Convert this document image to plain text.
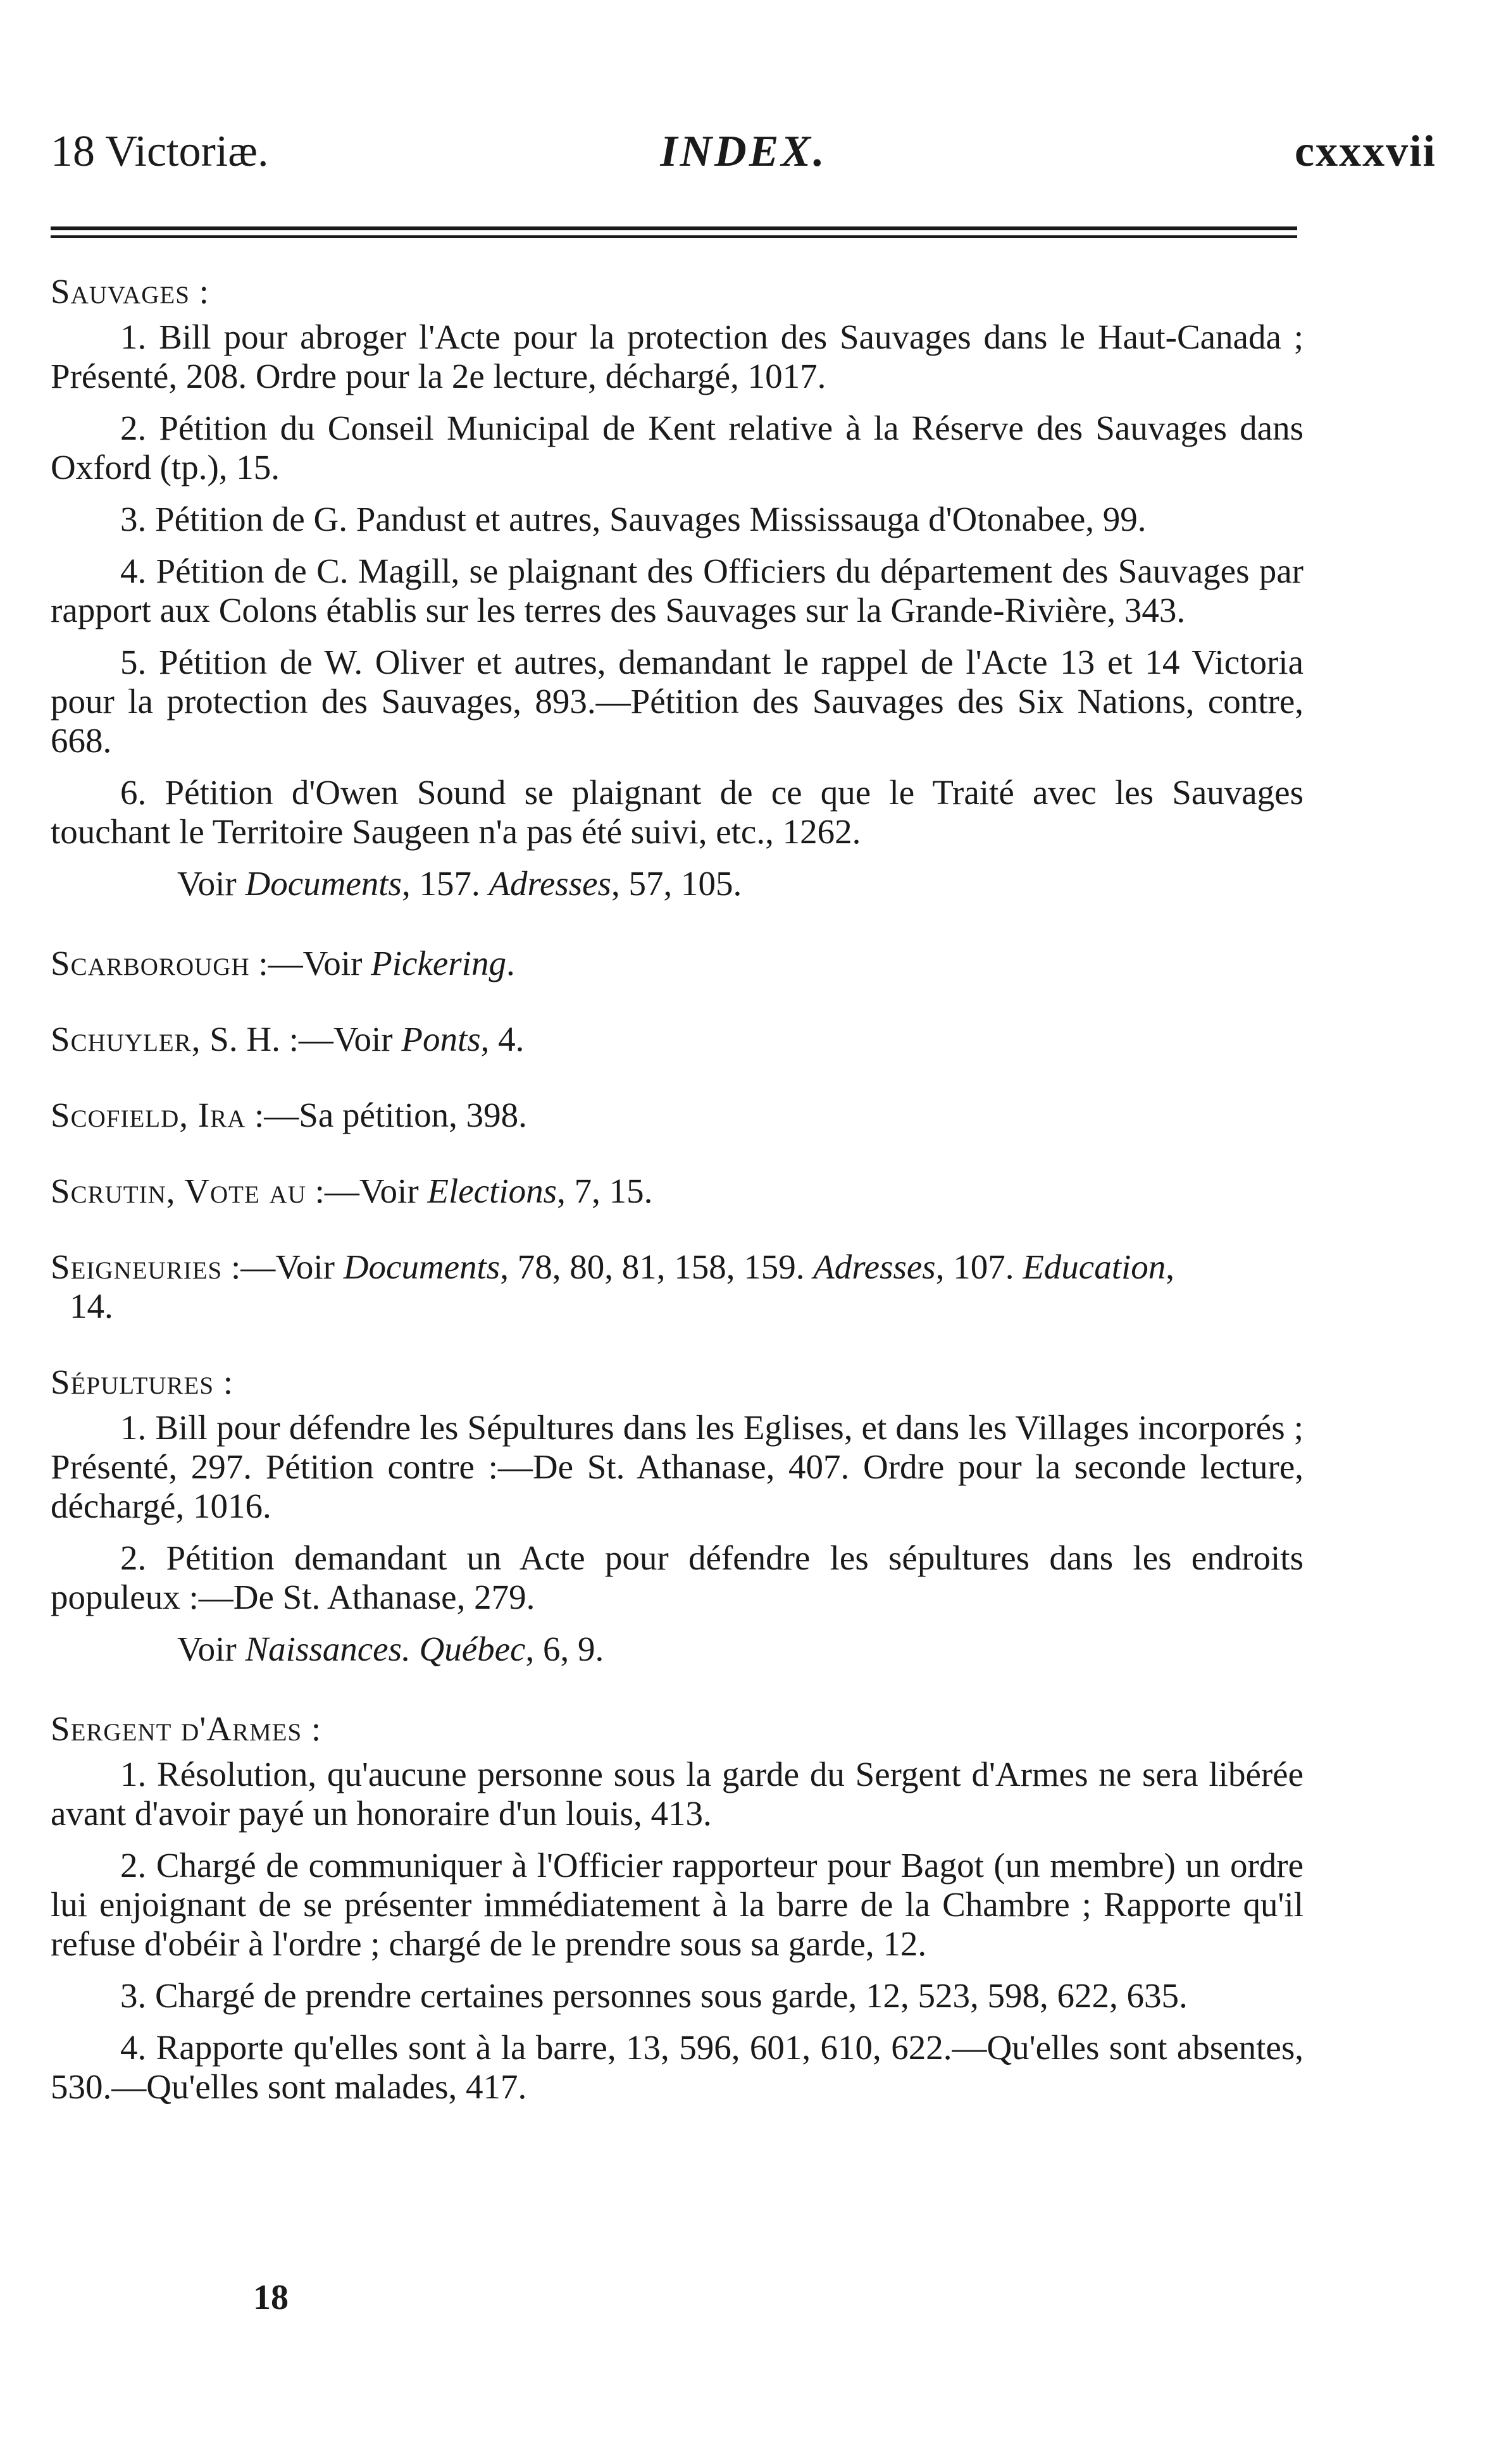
18 Victoriæ.	INDEX.	cxxxvii
Sauvages :

1. Bill pour abroger l'Acte pour la protection des Sauvages dans le Haut-Canada ; Présenté, 208. Ordre pour la 2e lecture, déchargé, 1017.

2. Pétition du Conseil Municipal de Kent relative à la Réserve des Sauvages dans Oxford (tp.), 15.

3. Pétition de G. Pandust et autres, Sauvages Mississauga d'Otonabee, 99.

4. Pétition de C. Magill, se plaignant des Officiers du département des Sauvages par rapport aux Colons établis sur les terres des Sauvages sur la Grande-Rivière, 343.

5. Pétition de W. Oliver et autres, demandant le rappel de l'Acte 13 et 14 Victoria pour la protection des Sauvages, 893.—Pétition des Sauvages des Six Nations, contre, 668.

6. Pétition d'Owen Sound se plaignant de ce que le Traité avec les Sauvages touchant le Territoire Saugeen n'a pas été suivi, etc., 1262.

Voir Documents, 157. Adresses, 57, 105.
Scarborough :—Voir Pickering.
Schuyler, S. H. :—Voir Ponts, 4.
Scofield, Ira :—Sa pétition, 398.
Scrutin, Vote au :—Voir Elections, 7, 15.
Seigneuries :—Voir Documents, 78, 80, 81, 158, 159. Adresses, 107. Education,
14.
Sépultures :

1. Bill pour défendre les Sépultures dans les Eglises, et dans les Villages incorporés ; Présenté, 297. Pétition contre :—De St. Athanase, 407. Ordre pour la seconde lecture, déchargé, 1016.

2. Pétition demandant un Acte pour défendre les sépultures dans les endroits populeux :—De St. Athanase, 279.

Voir Naissances. Québec, 6, 9.
Sergent d'Armes :

1. Résolution, qu'aucune personne sous la garde du Sergent d'Armes ne sera libérée avant d'avoir payé un honoraire d'un louis, 413.

2. Chargé de communiquer à l'Officier rapporteur pour Bagot (un membre) un ordre lui enjoignant de se présenter immédiatement à la barre de la Chambre ; Rapporte qu'il refuse d'obéir à l'ordre ; chargé de le prendre sous sa garde, 12.

3. Chargé de prendre certaines personnes sous garde, 12, 523, 598, 622, 635.

4. Rapporte qu'elles sont à la barre, 13, 596, 601, 610, 622.—Qu'elles sont absentes, 530.—Qu'elles sont malades, 417.

18
